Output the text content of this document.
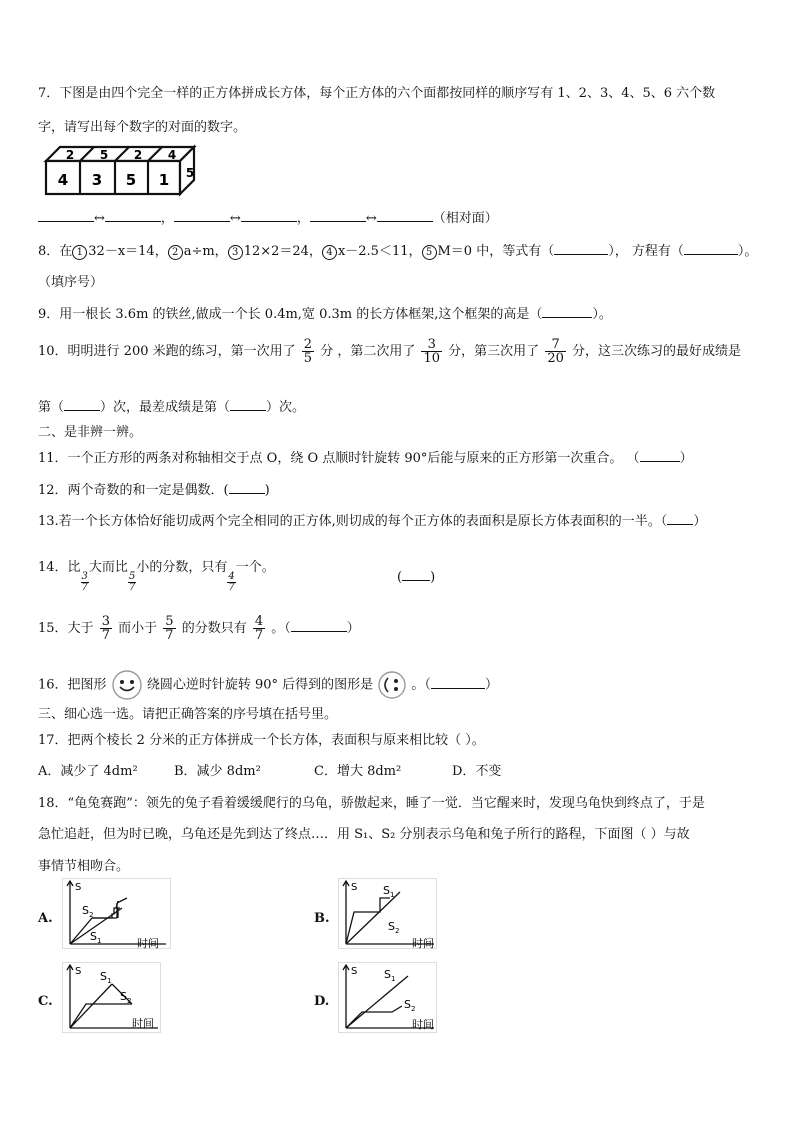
7．下图是由四个完全一样的正方体拼成长方体，每个正方体的六个面都按同样的顺序写有 1、2、3、4、5、6 六个数
字，请写出每个数字的对面的数字。
4 3 5 1
2 5 2 4
5
↔	，	↔	，	↔	（相对面）
8．在 1 32－x＝14， 2 a÷m， 3 12×2＝24， 4 x－2.5＜11， 5 M＝0 中，等式有（	）， 方程有（	）。
（填序号）
9．用一根长 3.6m 的铁丝,做成一个长 0.4m,宽 0.3m 的长方体框架,这个框架的高是（	）。
10．明明进行 200 米跑的练习，第一次用了 $\frac{2}{5}$ 分 ，第二次用了 $\frac{3}{10}$ 分，第三次用了 $\frac{7}{20}$ 分，这三次练习的最好成绩是
第（	）次，最差成绩是第（	）次。
二、是非辨一辨。
11．一个正方形的两条对称轴相交于点 O，绕 O 点顺时针旋转 90°后能与原来的正方形第一次重合。 （	）
12．两个奇数的和一定是偶数．(	)
13.若一个长方体恰好能切成两个完全相同的正方体,则切成的每个正方体的表面积是原长方体表面积的一半。（ ）
14．比
$\frac{3}{7}$
大而比
$\frac{5}{7}$
小的分数，只有
$\frac{4}{7}$
一个。
( )
15．大于 $\frac{3}{7}$ 而小于 $\frac{5}{7}$ 的分数只有 $\frac{4}{7}$ 。（	）
16．把图形	绕圆心逆时针旋转 90° 后得到的图形是	。（	）
三、细心选一选。请把正确答案的序号填在括号里。
17．把两个棱长 2 分米的正方体拼成一个长方体，表面积与原来相比较（ ）。
A．减少了 4dm²	B．减少 8dm²	C．增大 8dm²	D．不变
18．“龟兔赛跑”：领先的兔子看着缓缓爬行的乌龟，骄傲起来，睡了一觉．当它醒来时，发现乌龟快到终点了，于是
急忙追赶，但为时已晚，乌龟还是先到达了终点…．用 S₁、S₂ 分别表示乌龟和兔子所行的路程，下面图（ ）与故
事情节相吻合。
A.	B.
C.	D.
S
时间
S 2
S 1
S
时间
S 1
S 2
S
时间
S 1
S 2
S
时间
S 1
S 2
